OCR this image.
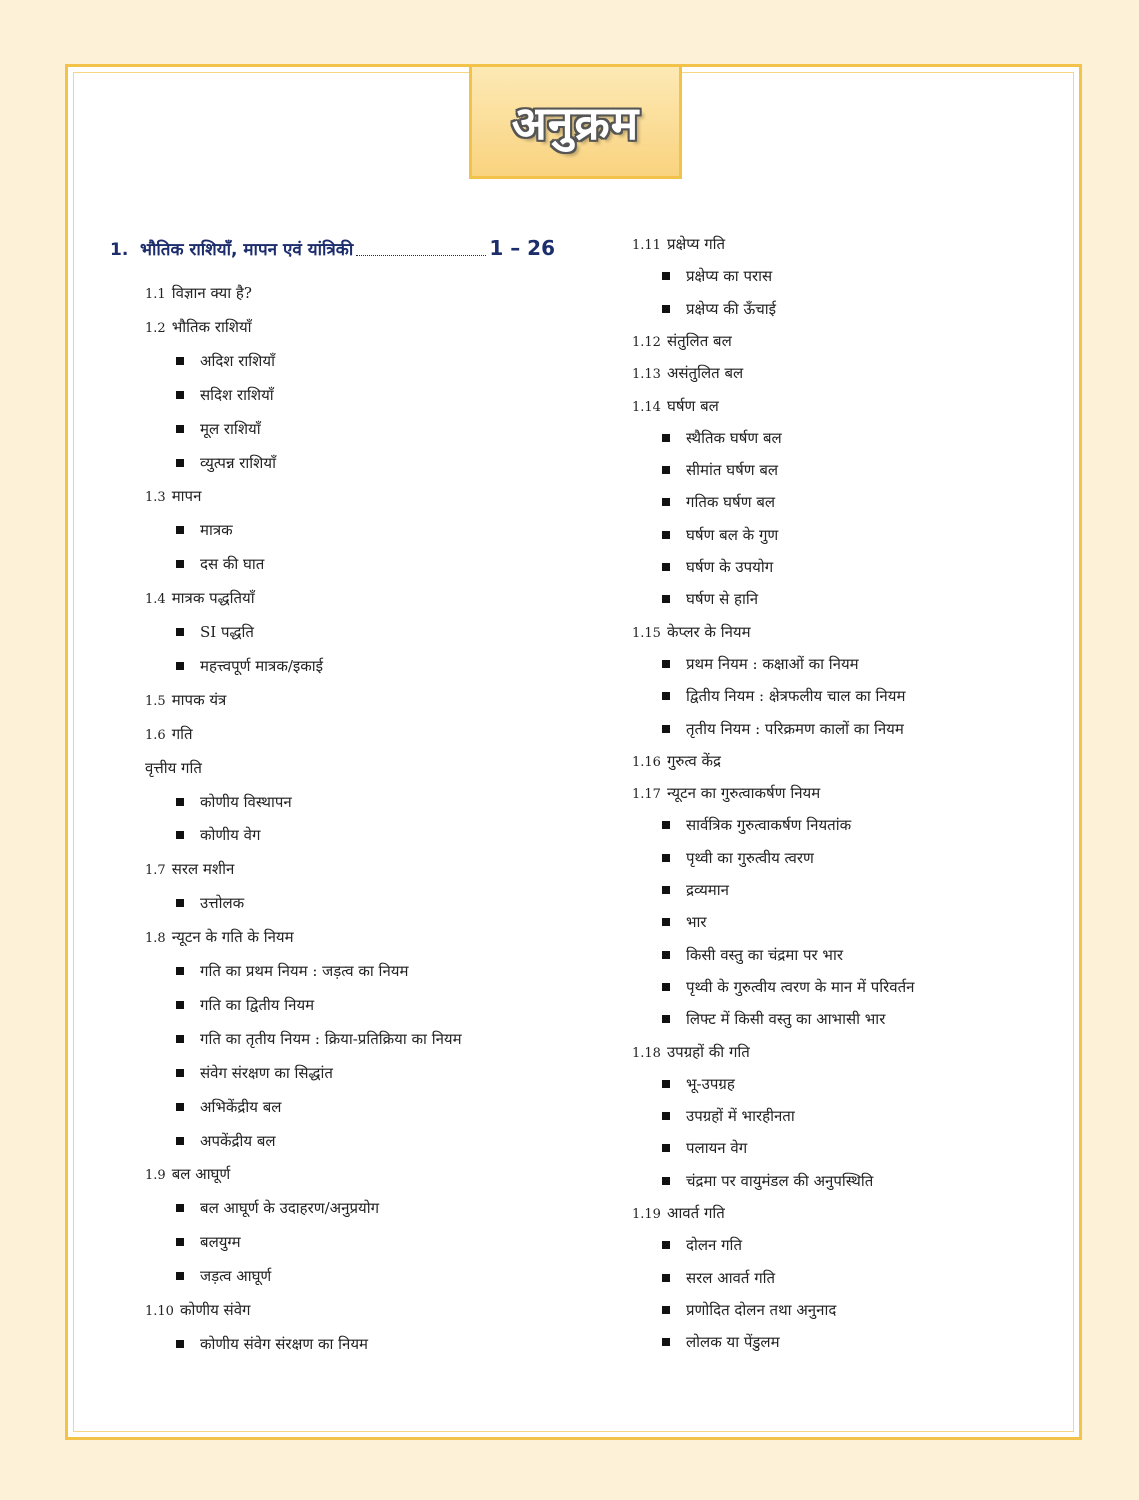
अनुक्रम
1. भौतिक राशियाँ, मापन एवं यांत्रिकी	1 – 26
1.1 विज्ञान क्या है?
1.2 भौतिक राशियाँ
अदिश राशियाँ
सदिश राशियाँ
मूल राशियाँ
व्युत्पन्न राशियाँ
1.3 मापन
मात्रक
दस की घात
1.4 मात्रक पद्धतियाँ
SI पद्धति
महत्त्वपूर्ण मात्रक/इकाई
1.5 मापक यंत्र
1.6 गति
वृत्तीय गति
कोणीय विस्थापन
कोणीय वेग
1.7 सरल मशीन
उत्तोलक
1.8 न्यूटन के गति के नियम
गति का प्रथम नियम : जड़त्व का नियम
गति का द्वितीय नियम
गति का तृतीय नियम : क्रिया-प्रतिक्रिया का नियम
संवेग संरक्षण का सिद्धांत
अभिकेंद्रीय बल
अपकेंद्रीय बल
1.9 बल आघूर्ण
बल आघूर्ण के उदाहरण/अनुप्रयोग
बलयुग्म
जड़त्व आघूर्ण
1.10 कोणीय संवेग
कोणीय संवेग संरक्षण का नियम
1.11 प्रक्षेप्य गति
प्रक्षेप्य का परास
प्रक्षेप्य की ऊँचाई
1.12 संतुलित बल
1.13 असंतुलित बल
1.14 घर्षण बल
स्थैतिक घर्षण बल
सीमांत घर्षण बल
गतिक घर्षण बल
घर्षण बल के गुण
घर्षण के उपयोग
घर्षण से हानि
1.15 केप्लर के नियम
प्रथम नियम : कक्षाओं का नियम
द्वितीय नियम : क्षेत्रफलीय चाल का नियम
तृतीय नियम : परिक्रमण कालों का नियम
1.16 गुरुत्व केंद्र
1.17 न्यूटन का गुरुत्वाकर्षण नियम
सार्वत्रिक गुरुत्वाकर्षण नियतांक
पृथ्वी का गुरुत्वीय त्वरण
द्रव्यमान
भार
किसी वस्तु का चंद्रमा पर भार
पृथ्वी के गुरुत्वीय त्वरण के मान में परिवर्तन
लिफ्ट में किसी वस्तु का आभासी भार
1.18 उपग्रहों की गति
भू-उपग्रह
उपग्रहों में भारहीनता
पलायन वेग
चंद्रमा पर वायुमंडल की अनुपस्थिति
1.19 आवर्त गति
दोलन गति
सरल आवर्त गति
प्रणोदित दोलन तथा अनुनाद
लोलक या पेंडुलम
